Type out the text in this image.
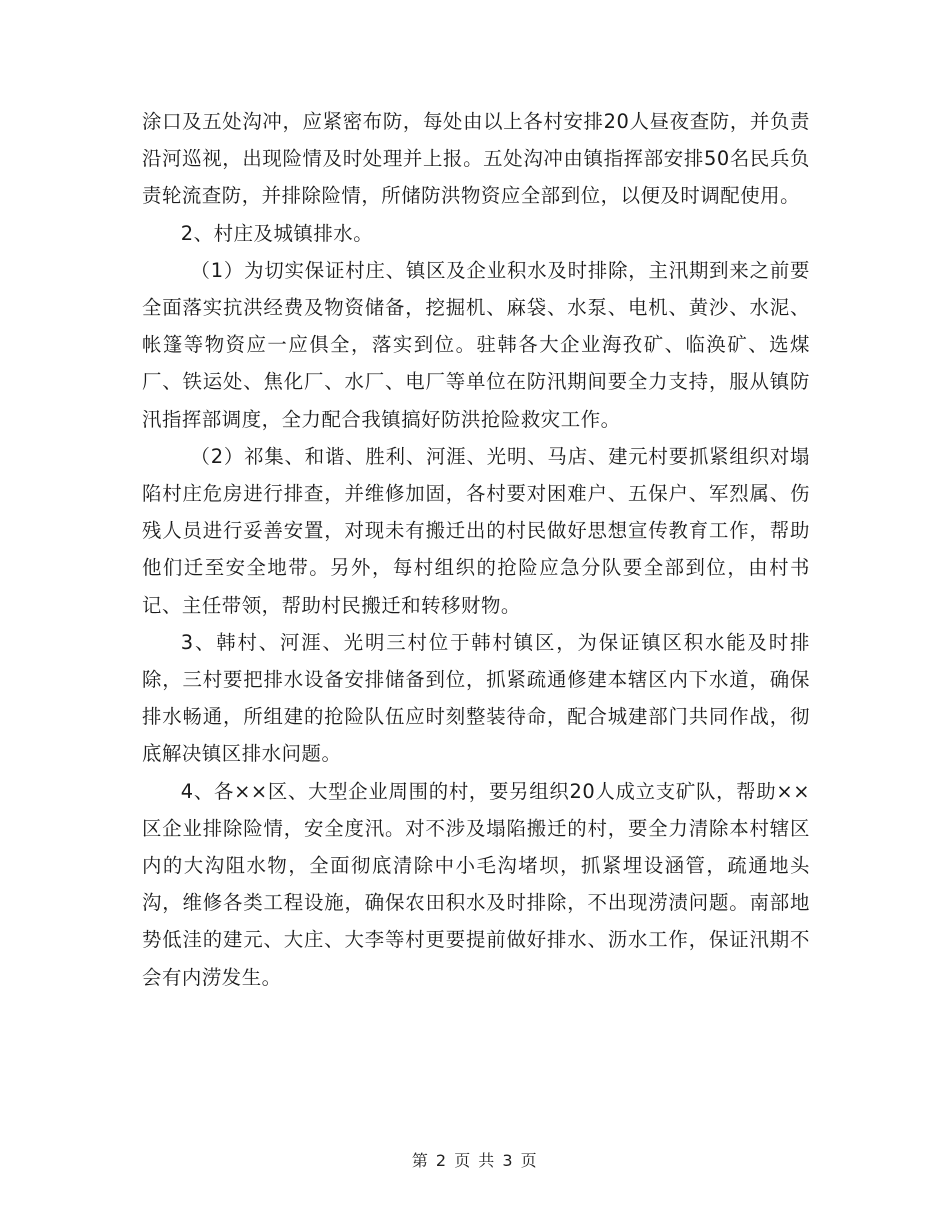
涂口及五处沟冲，应紧密布防，每处由以上各村安排20人昼夜查防，并负责沿河巡视，出现险情及时处理并上报。五处沟冲由镇指挥部安排50名民兵负责轮流查防，并排除险情，所储防洪物资应全部到位，以便及时调配使用。

2、村庄及城镇排水。

（1）为切实保证村庄、镇区及企业积水及时排除，主汛期到来之前要全面落实抗洪经费及物资储备，挖掘机、麻袋、水泵、电机、黄沙、水泥、帐篷等物资应一应俱全，落实到位。驻韩各大企业海孜矿、临涣矿、选煤厂、铁运处、焦化厂、水厂、电厂等单位在防汛期间要全力支持，服从镇防汛指挥部调度，全力配合我镇搞好防洪抢险救灾工作。

（2）祁集、和谐、胜利、河涯、光明、马店、建元村要抓紧组织对塌陷村庄危房进行排查，并维修加固，各村要对困难户、五保户、军烈属、伤残人员进行妥善安置，对现未有搬迁出的村民做好思想宣传教育工作，帮助他们迁至安全地带。另外，每村组织的抢险应急分队要全部到位，由村书记、主任带领，帮助村民搬迁和转移财物。

3、韩村、河涯、光明三村位于韩村镇区，为保证镇区积水能及时排除，三村要把排水设备安排储备到位，抓紧疏通修建本辖区内下水道，确保排水畅通，所组建的抢险队伍应时刻整装待命，配合城建部门共同作战，彻底解决镇区排水问题。

4、各××区、大型企业周围的村，要另组织20人成立支矿队，帮助××区企业排除险情，安全度汛。对不涉及塌陷搬迁的村，要全力清除本村辖区内的大沟阻水物，全面彻底清除中小毛沟堵坝，抓紧埋设涵管，疏通地头沟，维修各类工程设施，确保农田积水及时排除，不出现涝渍问题。南部地势低洼的建元、大庄、大李等村更要提前做好排水、沥水工作，保证汛期不会有内涝发生。

第 2 页 共 3 页
